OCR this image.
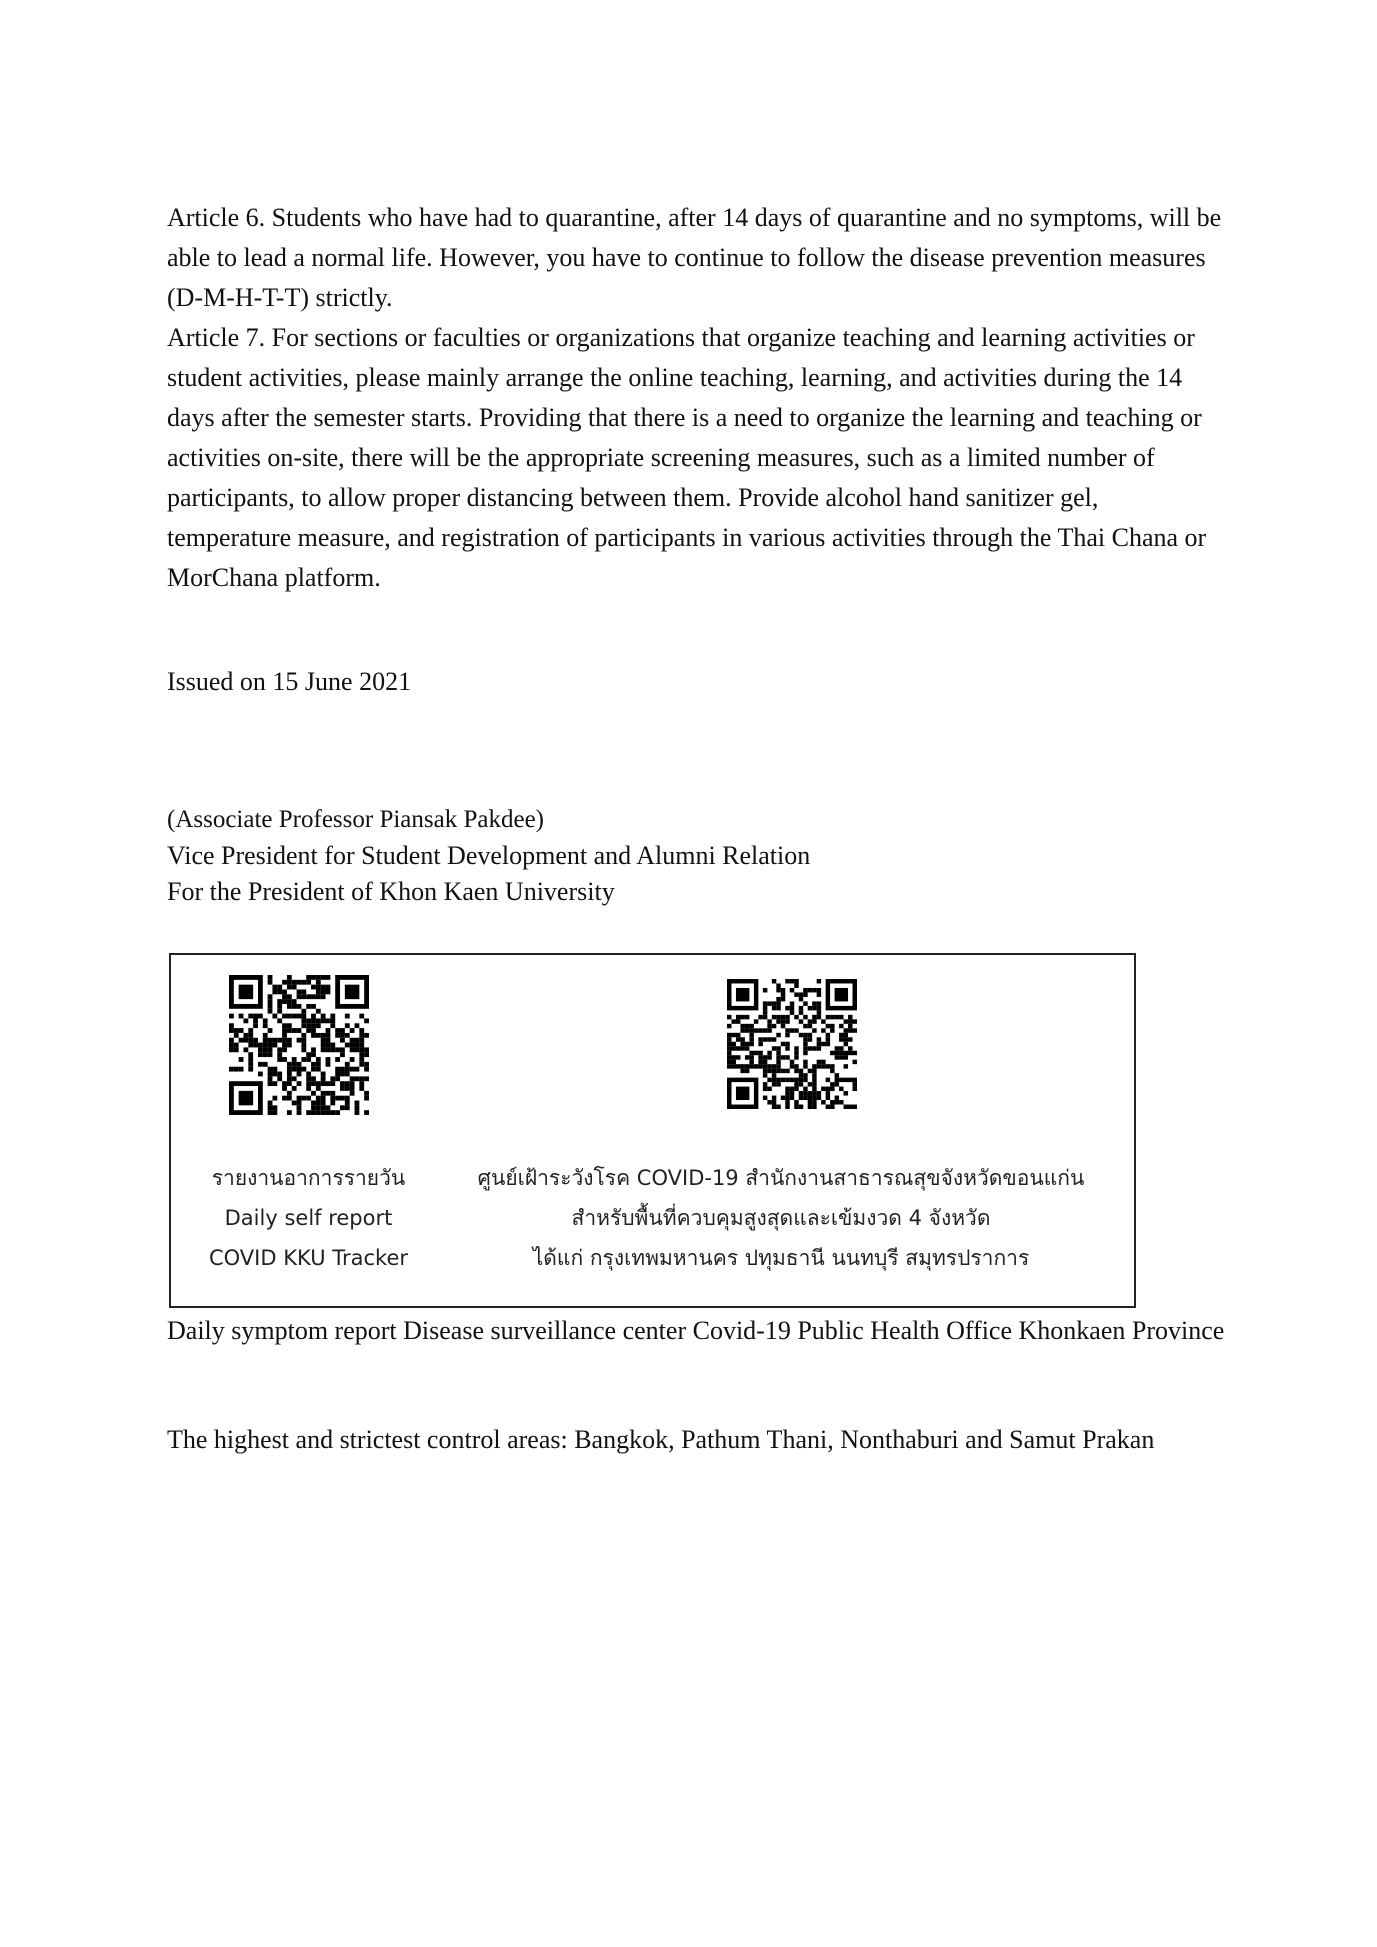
Article 6. Students who have had to quarantine, after 14 days of quarantine and no symptoms, will be able to lead a normal life. However, you have to continue to follow the disease prevention measures (D-M-H-T-T) strictly.

Article 7. For sections or faculties or organizations that organize teaching and learning activities or student activities, please mainly arrange the online teaching, learning, and activities during the 14 days after the semester starts. Providing that there is a need to organize the learning and teaching or activities on-site, there will be the appropriate screening measures, such as a limited number of participants, to allow proper distancing between them. Provide alcohol hand sanitizer gel, temperature measure, and registration of participants in various activities through the Thai Chana or MorChana platform.

Issued on 15 June 2021
(Associate Professor Piansak Pakdee)
Vice President for Student Development and Alumni Relation
For the President of Khon Kaen University
รายงานอาการรายวัน
Daily self report
COVID KKU Tracker
ศูนย์เฝ้าระวังโรค COVID-19 สำนักงานสาธารณสุขจังหวัดขอนแก่น
สำหรับพื้นที่ควบคุมสูงสุดและเข้มงวด 4 จังหวัด
ได้แก่ กรุงเทพมหานคร ปทุมธานี นนทบุรี สมุทรปราการ
Daily symptom report Disease surveillance center Covid-19 Public Health Office Khonkaen Province
The highest and strictest control areas: Bangkok, Pathum Thani, Nonthaburi and Samut Prakan
